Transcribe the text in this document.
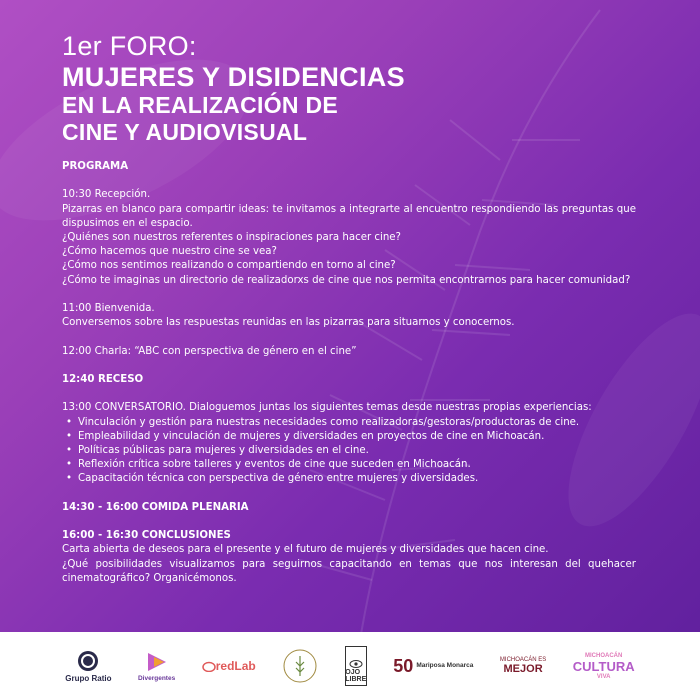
1er FORO:
MUJERES Y DISIDENCIAS
EN LA REALIZACIÓN DE
CINE Y AUDIOVISUAL
PROGRAMA
10:30 Recepción.
Pizarras en blanco para compartir ideas: te invitamos a integrarte al encuentro respondiendo las preguntas que dispusimos en el espacio.
¿Quiénes son nuestros referentes o inspiraciones para hacer cine?
¿Cómo hacemos que nuestro cine se vea?
¿Cómo nos sentimos realizando o compartiendo en torno al cine?
¿Cómo te imaginas un directorio de realizadorxs de cine que nos permita encontrarnos para hacer comunidad?
11:00 Bienvenida.
Conversemos sobre las respuestas reunidas en las pizarras para situarnos y conocernos.
12:00 Charla: “ABC con perspectiva de género en el cine”
12:40 RECESO
13:00 CONVERSATORIO. Dialoguemos juntas los siguientes temas desde nuestras propias experiencias:
• Vinculación y gestión para nuestras necesidades como realizadoras/gestoras/productoras de cine.
• Empleabilidad y vinculación de mujeres y diversidades en proyectos de cine en Michoacán.
• Políticas públicas para mujeres y diversidades en el cine.
• Reflexión crítica sobre talleres y eventos de cine que suceden en Michoacán.
• Capacitación técnica con perspectiva de género entre mujeres y diversidades.
14:30 - 16:00 COMIDA PLENARIA
16:00 - 16:30 CONCLUSIONES
Carta abierta de deseos para el presente y el futuro de mujeres y diversidades que hacen cine.
¿Qué posibilidades visualizamos para seguirnos capacitando en temas que nos interesan del quehacer cinematográfico? Organicémonos.
Grupo Ratio	Divergentes
redLab	OJO LIBRE
50 Mariposa Monarca
MICHOACÁN ES
MEJOR
MICHOACÁN
CULTURA
VIVA
